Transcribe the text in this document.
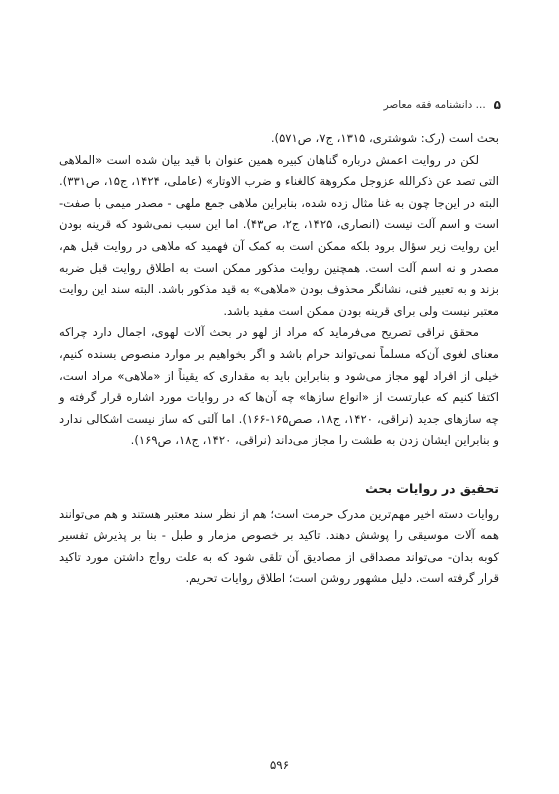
۵
... دانشنامه فقه معاصر

بحث است (رک: شوشتری، ۱۳۱۵، ج۷، ص۵۷۱).

لکن در روایت اعمش درباره گناهان کبیره همین عنوان با قید بیان شده است «الملاهی التی تصد عن ذکرالله عزوجل مکروهة کالغناء و ضرب الاوتار» (عاملی، ۱۴۲۴، ج۱۵، ص۳۳۱). البته در این‌جا چون به غنا مثال زده شده، بنابراین ملاهی جمع ملهی - مصدر میمی با صفت- است و اسم آلت نیست (انصاری، ۱۴۲۵، ج۲، ص۴۳). اما این سبب نمی‌شود که قرینه بودن این روایت زیر سؤال برود بلکه ممکن است به کمک آن فهمید که ملاهی در روایت قبل هم، مصدر و نه اسم آلت است. همچنین روایت مذکور ممکن است به اطلاق روایت قبل ضربه بزند و به تعبیر فنی، نشانگر محذوف بودن «ملاهی» به قید مذکور باشد. البته سند این روایت معتبر نیست ولی برای قرینه بودن ممکن است مفید باشد.

محقق نراقی تصریح می‌فرماید که مراد از لهو در بحث آلات لهوی، اجمال دارد چراکه معنای لغوی آن‌که مسلماً نمی‌تواند حرام باشد و اگر بخواهیم بر موارد منصوص بسنده کنیم، خیلی از افراد لهو مجاز می‌شود و بنابراین باید به مقداری که یقیناً از «ملاهی» مراد است، اکتفا کنیم که عبارتست از «انواع سازها» چه آن‌ها که در روایات مورد اشاره قرار گرفته و چه سازهای جدید (نراقی، ۱۴۲۰، ج۱۸، صص۱۶۵-۱۶۶). اما آلتی که ساز نیست اشکالی ندارد و بنابراین ایشان زدن به طشت را مجاز می‌داند (نراقی، ۱۴۲۰، ج۱۸، ص۱۶۹).

تحقیق در روایات بحث

روایات دسته اخیر مهم‌ترین مدرک حرمت است؛ هم از نظر سند معتبر هستند و هم می‌توانند همه آلات موسیقی را پوشش دهند. تاکید بر خصوص مزمار و طبل - بنا بر پذیرش تفسیر کوبه بدان- می‌تواند مصداقی از مصادیق آن تلقی شود که به علت رواج داشتن مورد تاکید قرار گرفته است. دلیل مشهور روشن است؛ اطلاق روایات تحریم.

۵۹۶
